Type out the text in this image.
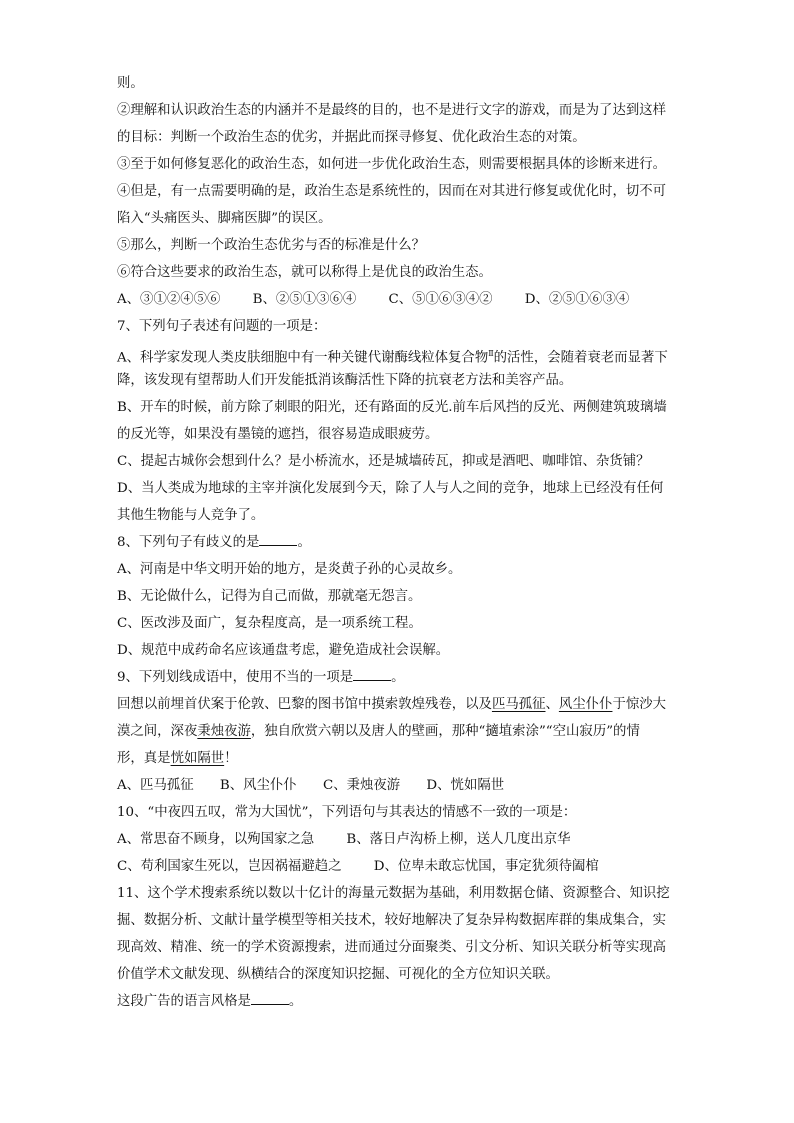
则。
②理解和认识政治生态的内涵并不是最终的目的，也不是进行文字的游戏，而是为了达到这样
的目标：判断一个政治生态的优劣，并据此而探寻修复、优化政治生态的对策。
③至于如何修复恶化的政治生态，如何进一步优化政治生态，则需要根据具体的诊断来进行。
④但是，有一点需要明确的是，政治生态是系统性的，因而在对其进行修复或优化时，切不可
陷入“头痛医头、脚痛医脚”的误区。
⑤那么，判断一个政治生态优劣与否的标准是什么？
⑥符合这些要求的政治生态，就可以称得上是优良的政治生态。
A、③①②④⑤⑥ B、②⑤①③⑥④ C、⑤①⑥③④② D、②⑤①⑥③④
7、下列句子表述有问题的一项是：
A、科学家发现人类皮肤细胞中有一种关键代谢酶线粒体复合物$^Ⅱ$的活性，会随着衰老而显著下
降，该发现有望帮助人们开发能抵消该酶活性下降的抗衰老方法和美容产品。
B、开车的时候，前方除了刺眼的阳光，还有路面的反光.前车后风挡的反光、两侧建筑玻璃墙
的反光等，如果没有墨镜的遮挡，很容易造成眼疲劳。
C、提起古城你会想到什么？是小桥流水，还是城墙砖瓦，抑或是酒吧、咖啡馆、杂货铺？
D、当人类成为地球的主宰并演化发展到今天，除了人与人之间的竞争，地球上已经没有任何
其他生物能与人竞争了。
8、下列句子有歧义的是	。
A、河南是中华文明开始的地方，是炎黄子孙的心灵故乡。
B、无论做什么，记得为自己而做，那就毫无怨言。
C、医改涉及面广，复杂程度高，是一项系统工程。
D、规范中成药命名应该通盘考虑，避免造成社会误解。
9、下列划线成语中，使用不当的一项是	。
回想以前埋首伏案于伦敦、巴黎的图书馆中摸索敦煌残卷，以及匹马孤征、风尘仆仆于惊沙大
漠之间，深夜秉烛夜游，独自欣赏六朝以及唐人的壁画，那种“擿埴索涂”“空山寂历”的情
形，真是恍如隔世！
A、匹马孤征 B、风尘仆仆 C、秉烛夜游 D、恍如隔世
10、“中夜四五叹，常为大国忧”，下列语句与其表达的情感不一致的一项是：
A、常思奋不顾身，以殉国家之急 B、落日卢沟桥上柳，送人几度出京华
C、苟利国家生死以，岂因祸福避趋之 D、位卑未敢忘忧国，事定犹须待阖棺
11、这个学术搜索系统以数以十亿计的海量元数据为基础，利用数据仓储、资源整合、知识挖
掘、数据分析、文献计量学模型等相关技术，较好地解决了复杂异构数据库群的集成集合，实
现高效、精准、统一的学术资源搜索，进而通过分面聚类、引文分析、知识关联分析等实现高
价值学术文献发现、纵横结合的深度知识挖掘、可视化的全方位知识关联。
这段广告的语言风格是	。
